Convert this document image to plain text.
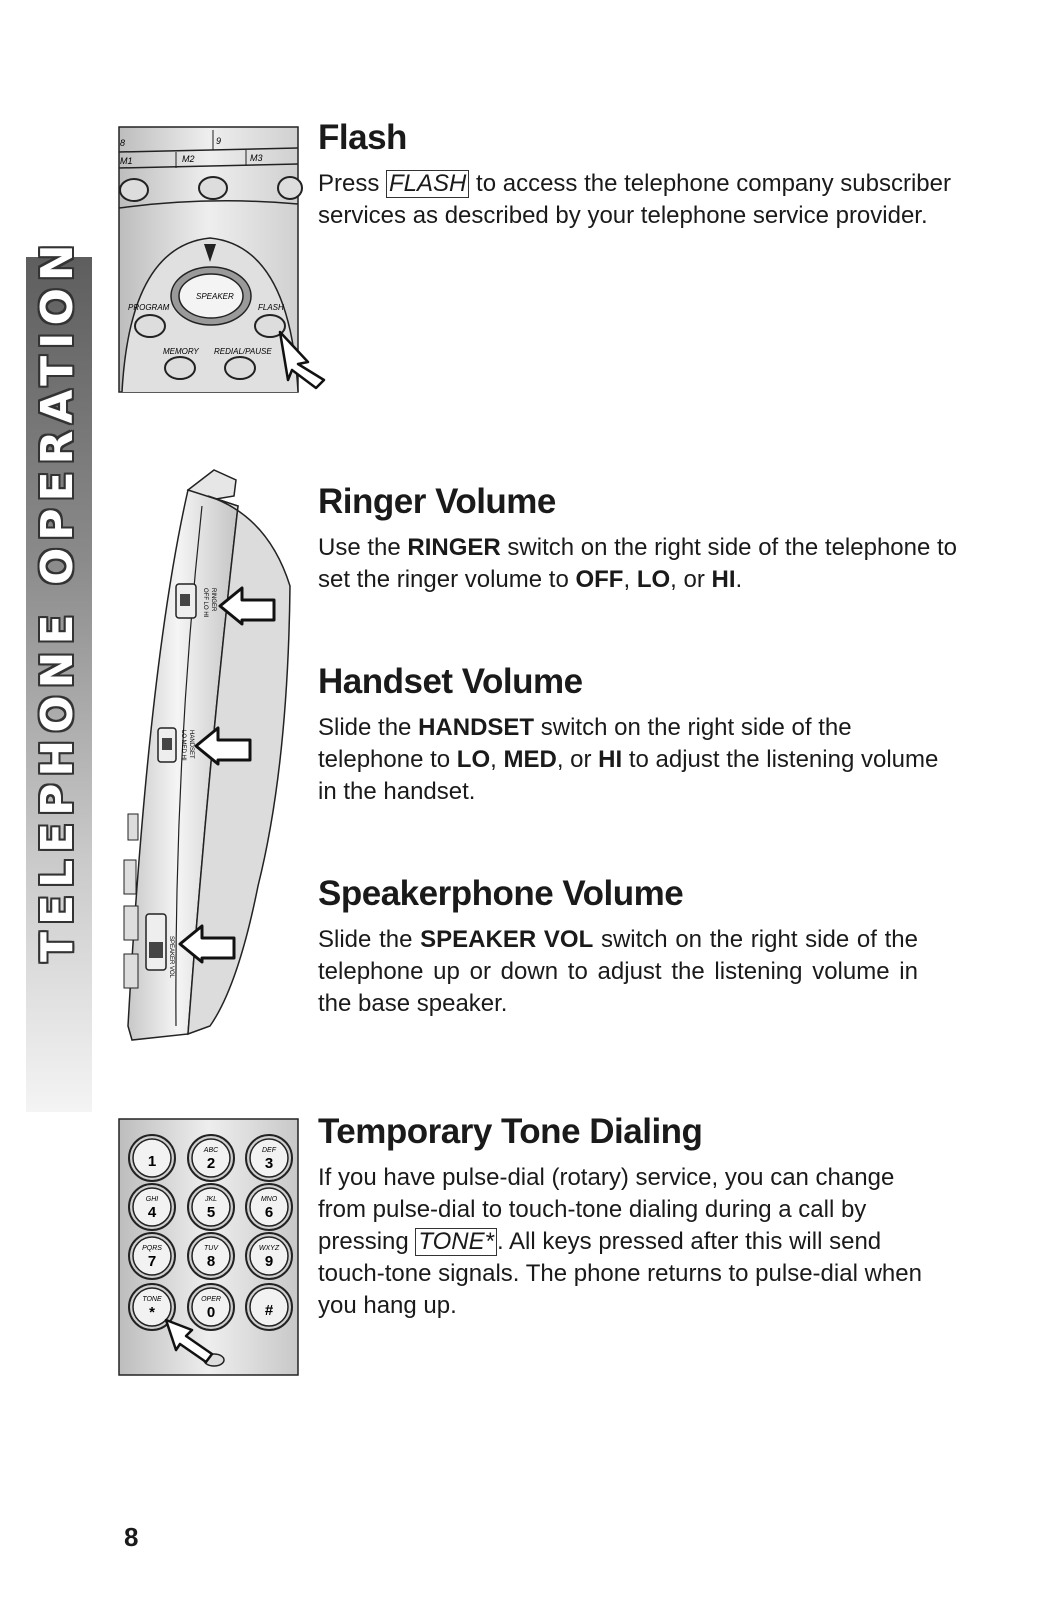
TELEPHONE OPERATION
8	9
M1	M2	M3
SPEAKER
PROGRAM	FLASH
MEMORY REDIAL/PAUSE
RINGER
OFF LO HI
HANDSET
LO MED HI
SPEAKER VOL
1
ABC
2
DEF
3
GHI
4
JKL
5
MNO
6
PQRS
7
TUV
8
WXYZ
9
TONE
*
OPER
0	#
Flash

Press FLASH to access the telephone company subscriber services as described by your telephone service provider.

Ringer Volume

Use the RINGER switch on the right side of the telephone to set the ringer volume to OFF, LO, or HI.

Handset Volume

Slide the HANDSET switch on the right side of the telephone to LO, MED, or HI to adjust the listening volume in the handset.

Speakerphone Volume

Slide the SPEAKER VOL switch on the right side of the telephone up or down to adjust the listening volume in the base speaker.

Temporary Tone Dialing

If you have pulse-dial (rotary) service, you can change from pulse-dial to touch-tone dialing during a call by pressing TONE* . All keys pressed after this will send touch-tone signals. The phone returns to pulse-dial when you hang up.

8
